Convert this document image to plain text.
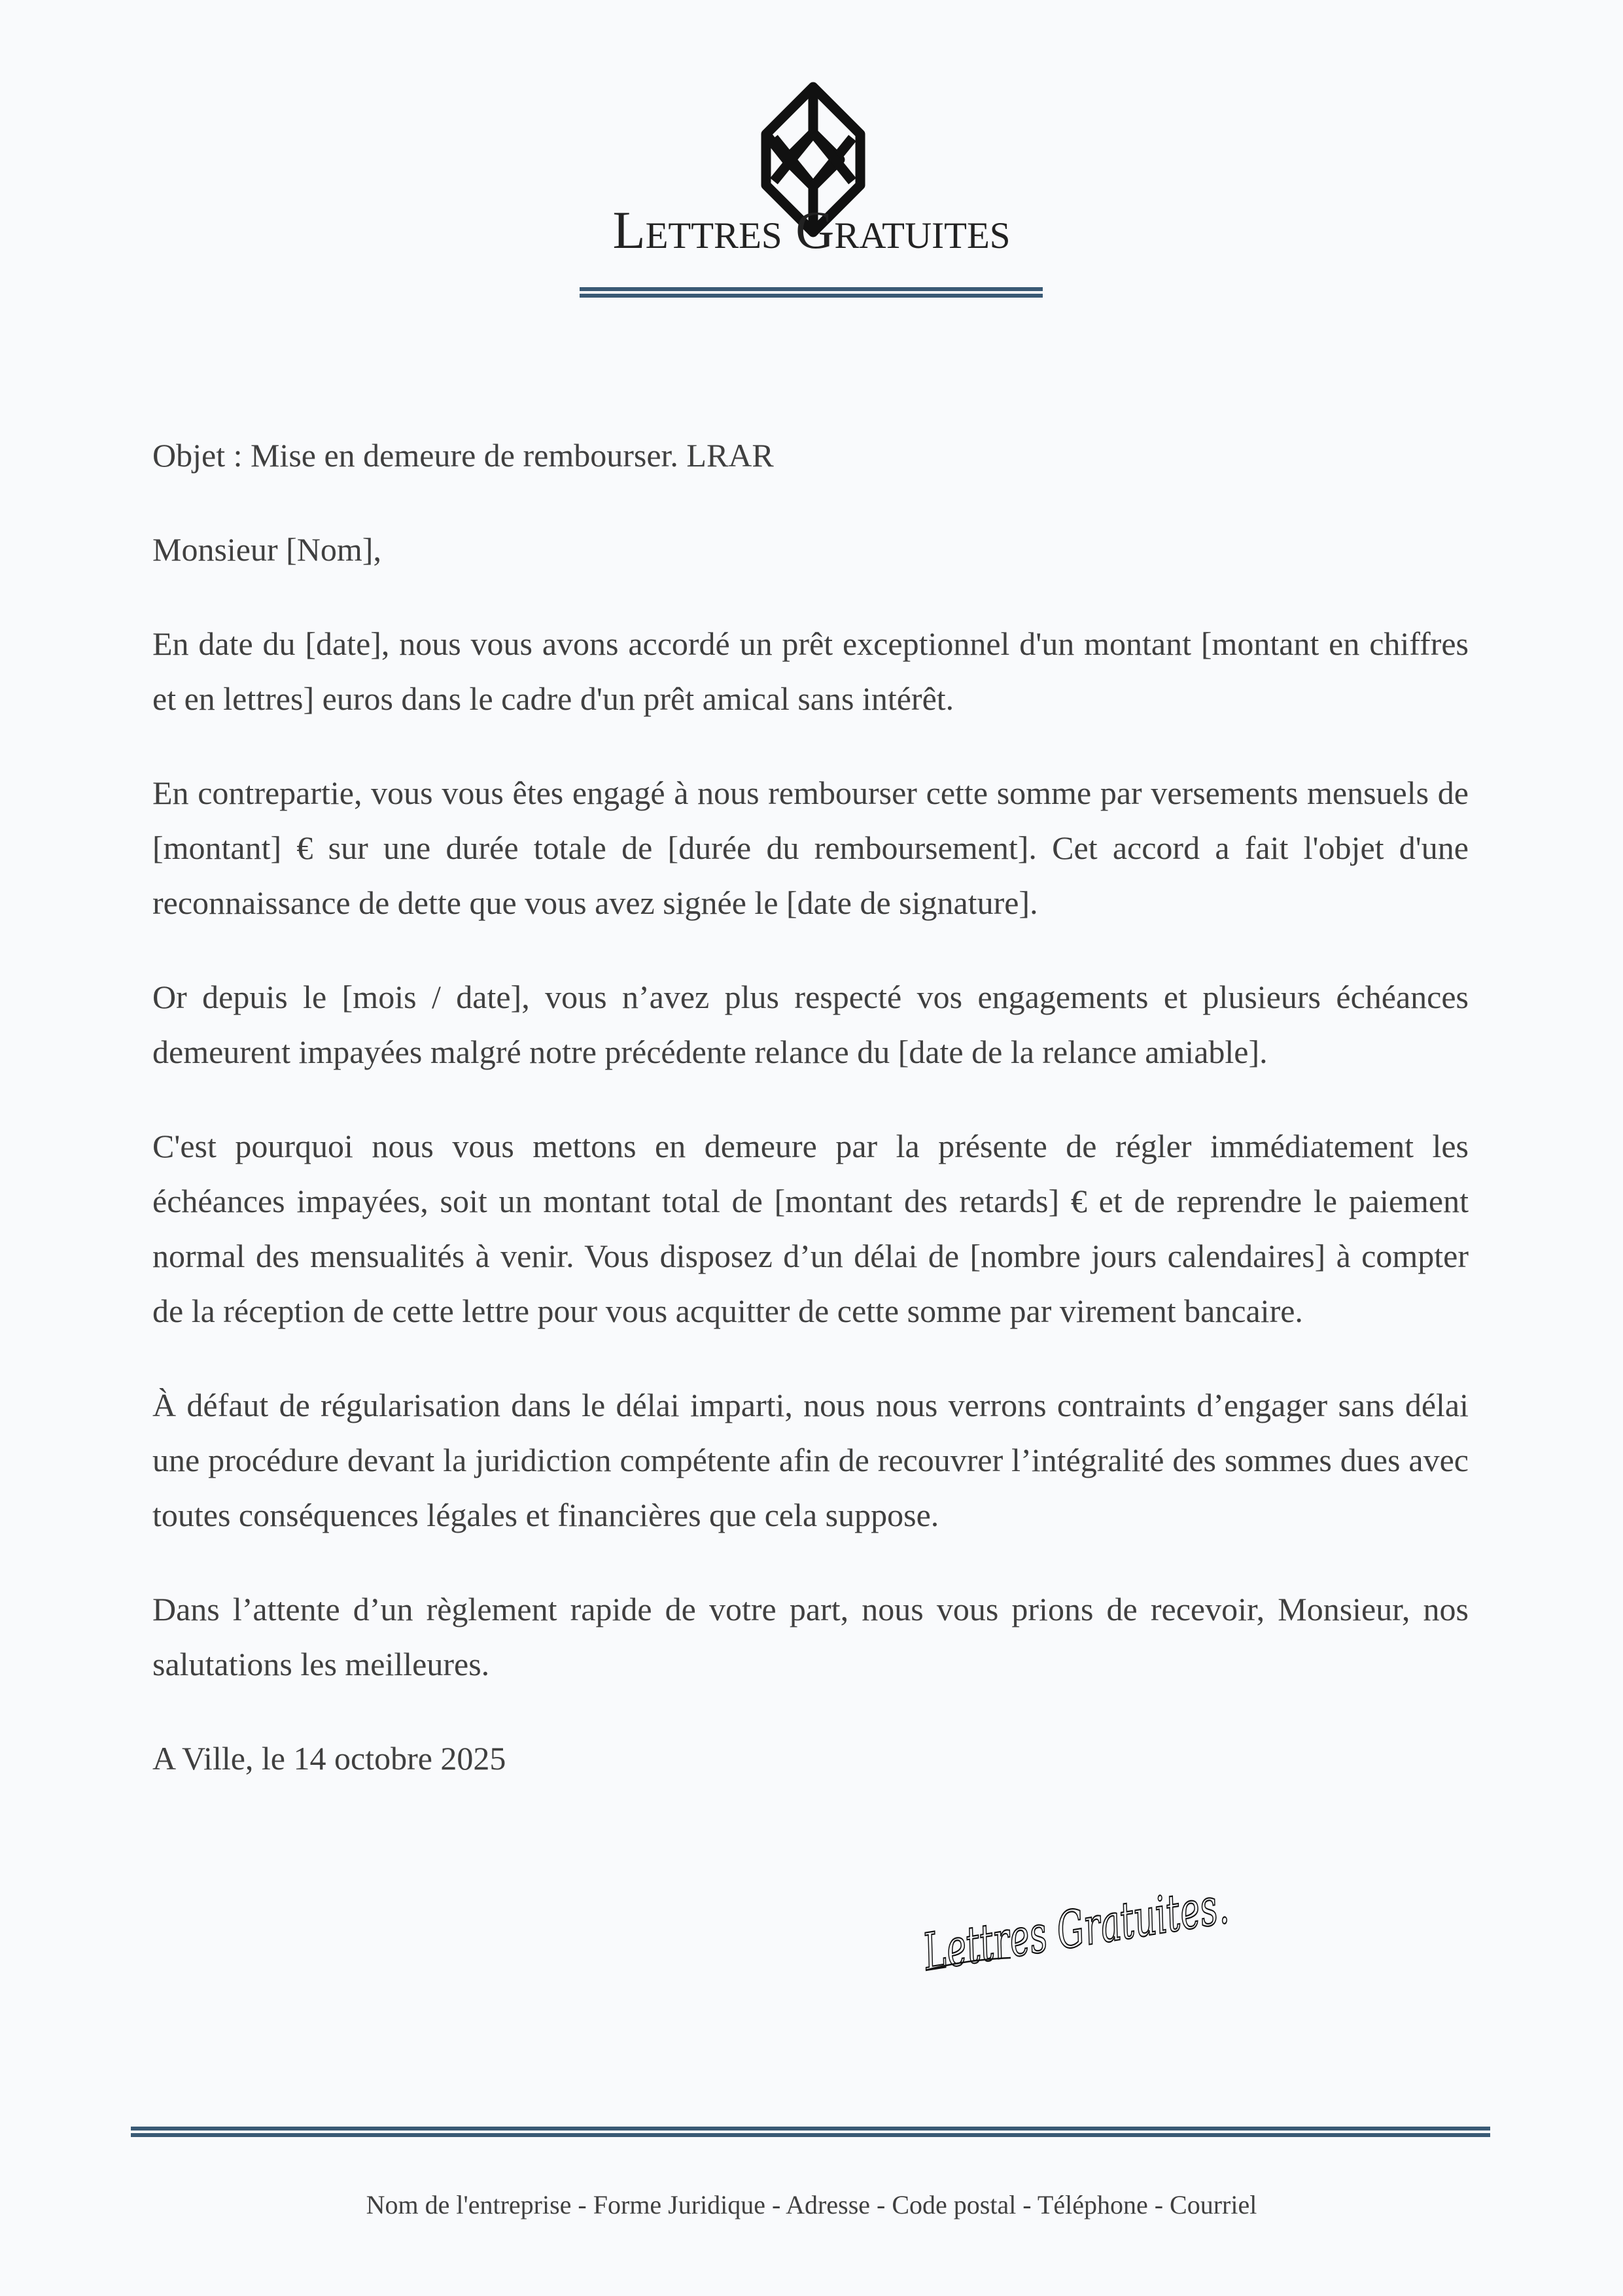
Lettres Gratuites

Objet : Mise en demeure de rembourser. LRAR

Monsieur [Nom],

En date du [date], nous vous avons accordé un prêt exceptionnel d'un montant [montant en chiffres et en lettres] euros dans le cadre d'un prêt amical sans intérêt.

En contrepartie, vous vous êtes engagé à nous rembourser cette somme par versements mensuels de [montant] € sur une durée totale de [durée du remboursement]. Cet accord a fait l'objet d'une reconnaissance de dette que vous avez signée le [date de signature].

Or depuis le [mois / date], vous n’avez plus respecté vos engagements et plusieurs échéances demeurent impayées malgré notre précédente relance du [date de la relance amiable].

C'est pourquoi nous vous mettons en demeure par la présente de régler immédiatement les échéances impayées, soit un montant total de [montant des retards] € et de reprendre le paiement normal des mensualités à venir. Vous disposez d’un délai de [nombre jours calendaires] à compter de la réception de cette lettre pour vous acquitter de cette somme par virement bancaire.

À défaut de régularisation dans le délai imparti, nous nous verrons contraints d’engager sans délai une procédure devant la juridiction compétente afin de recouvrer l’intégralité des sommes dues avec toutes conséquences légales et financières que cela suppose.

Dans l’attente d’un règlement rapide de votre part, nous vous prions de recevoir, Monsieur, nos salutations les meilleures.

A Ville, le 14 octobre 2025

Lettres Gratuites.
Nom de l'entreprise - Forme Juridique - Adresse - Code postal - Téléphone - Courriel
